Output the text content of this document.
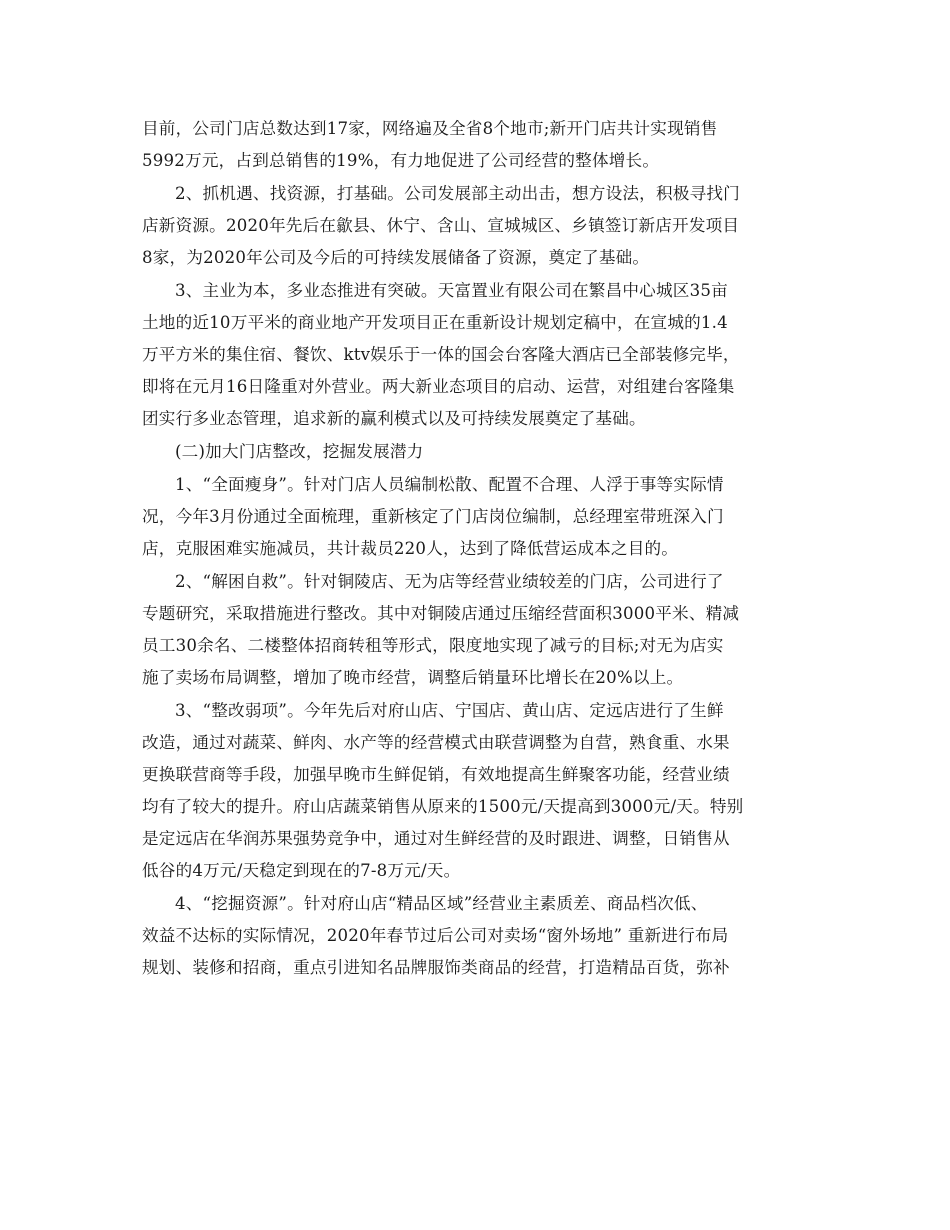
目前，公司门店总数达到17家，网络遍及全省8个地市;新开门店共计实现销售
5992万元，占到总销售的19%，有力地促进了公司经营的整体增长。
2、抓机遇、找资源，打基础。公司发展部主动出击，想方设法，积极寻找门
店新资源。2020年先后在歙县、休宁、含山、宣城城区、乡镇签订新店开发项目
8家，为2020年公司及今后的可持续发展储备了资源，奠定了基础。
3、主业为本，多业态推进有突破。天富置业有限公司在繁昌中心城区35亩
土地的近10万平米的商业地产开发项目正在重新设计规划定稿中，在宣城的1.4
万平方米的集住宿、餐饮、ktv娱乐于一体的国会台客隆大酒店已全部装修完毕，
即将在元月16日隆重对外营业。两大新业态项目的启动、运营，对组建台客隆集
团实行多业态管理，追求新的赢利模式以及可持续发展奠定了基础。
(二)加大门店整改，挖掘发展潜力
1、“全面瘦身”。针对门店人员编制松散、配置不合理、人浮于事等实际情
况，今年3月份通过全面梳理，重新核定了门店岗位编制，总经理室带班深入门
店，克服困难实施减员，共计裁员220人，达到了降低营运成本之目的。
2、“解困自救”。针对铜陵店、无为店等经营业绩较差的门店，公司进行了
专题研究，采取措施进行整改。其中对铜陵店通过压缩经营面积3000平米、精减
员工30余名、二楼整体招商转租等形式，限度地实现了减亏的目标;对无为店实
施了卖场布局调整，增加了晚市经营，调整后销量环比增长在20%以上。
3、“整改弱项”。今年先后对府山店、宁国店、黄山店、定远店进行了生鲜
改造，通过对蔬菜、鲜肉、水产等的经营模式由联营调整为自营，熟食重、水果
更换联营商等手段，加强早晚市生鲜促销，有效地提高生鲜聚客功能，经营业绩
均有了较大的提升。府山店蔬菜销售从原来的1500元/天提高到3000元/天。特别
是定远店在华润苏果强势竞争中，通过对生鲜经营的及时跟进、调整，日销售从
低谷的4万元/天稳定到现在的7-8万元/天。
4、“挖掘资源”。针对府山店“精品区域”经营业主素质差、商品档次低、
效益不达标的实际情况，2020年春节过后公司对卖场“窗外场地” 重新进行布局
规划、装修和招商，重点引进知名品牌服饰类商品的经营，打造精品百货，弥补
